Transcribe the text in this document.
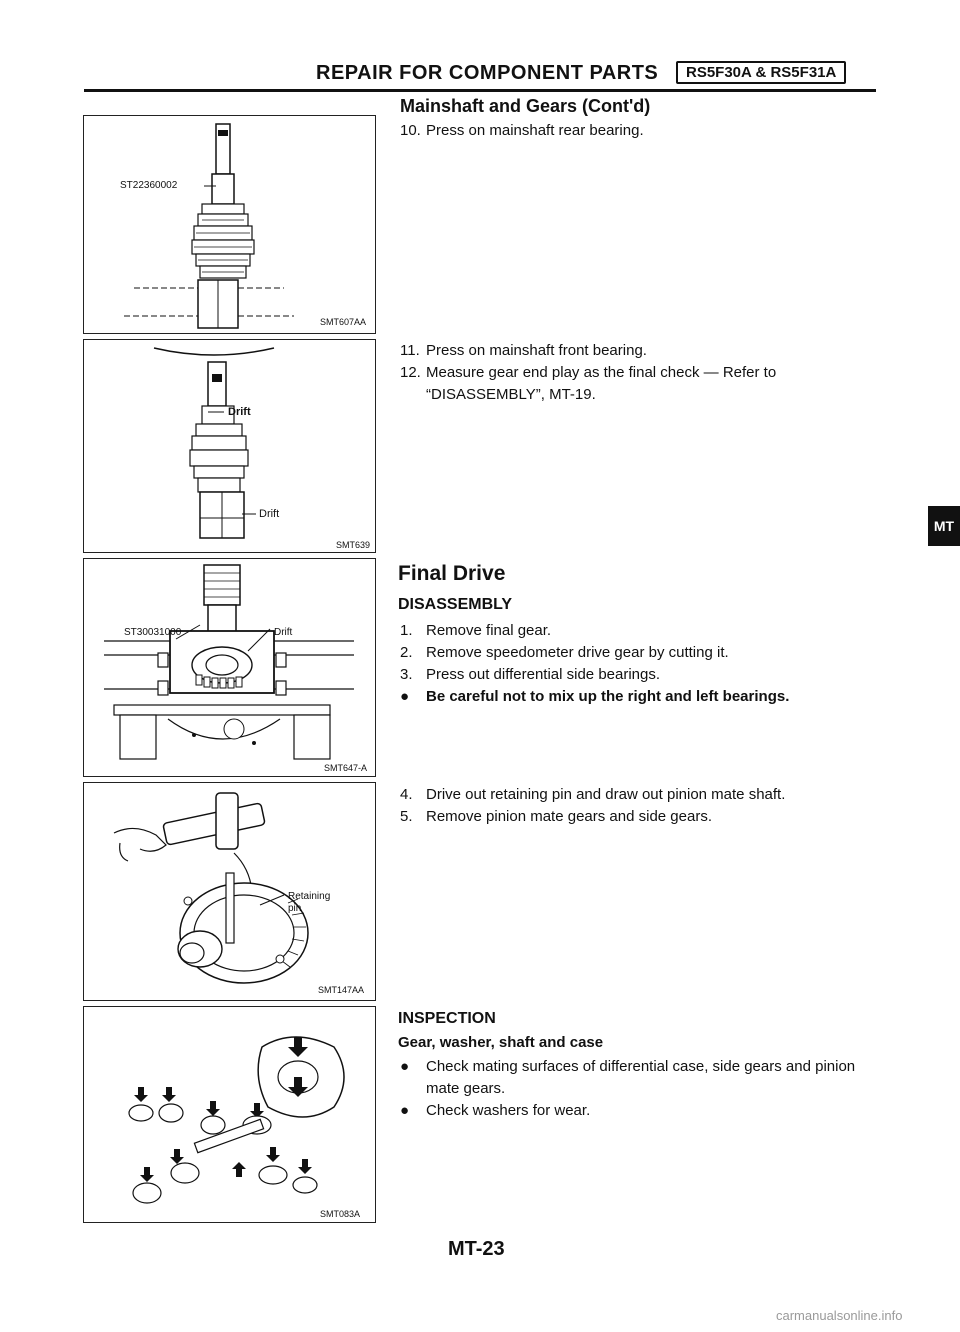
REPAIR FOR COMPONENT PARTS	RS5F30A & RS5F31A
Mainshaft and Gears (Cont'd)
10. Press on mainshaft rear bearing.
11. Press on mainshaft front bearing.
12. Measure gear end play as the final check — Refer to “DISASSEMBLY”, MT-19.
Final Drive
DISASSEMBLY
1. Remove final gear.
2. Remove speedometer drive gear by cutting it.
3. Press out differential side bearings.
●	Be careful not to mix up the right and left bearings.
4. Drive out retaining pin and draw out pinion mate shaft.
5. Remove pinion mate gears and side gears.
INSPECTION
Gear, washer, shaft and case
●	Check mating surfaces of differential case, side gears and pinion mate gears.
●	Check washers for wear.
MT
ST22360002
SMT607AA
Drift
Drift
SMT639
ST30031000	Drift
SMT647-A
Retaining
pin
SMT147AA
SMT083A
MT-23
carmanualsonline.info
